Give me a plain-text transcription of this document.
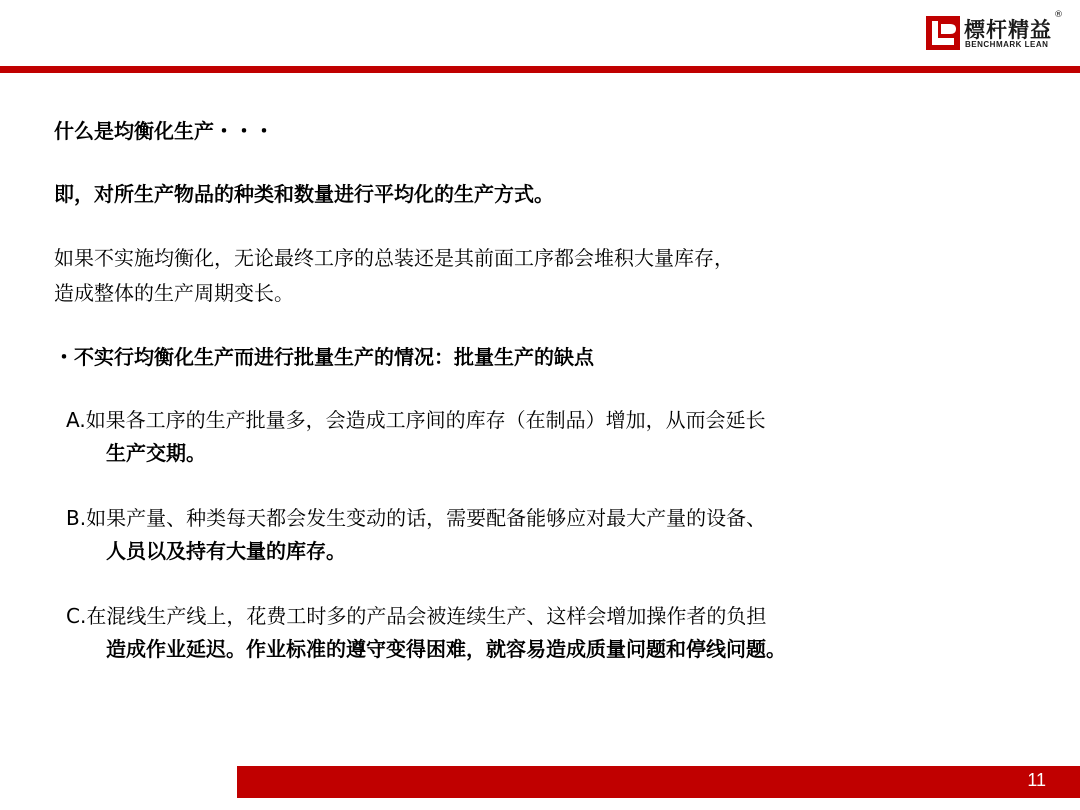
標杆精益
®
BENCHMARK LEAN
什么是均衡化生产・・・
即，对所生产物品的种类和数量进行平均化的生产方式。
如果不实施均衡化，无论最终工序的总装还是其前面工序都会堆积大量库存，
造成整体的生产周期变长。
・不实行均衡化生产而进行批量生产的情况：批量生产的缺点
A.如果各工序的生产批量多，会造成工序间的库存（在制品）增加，从而会延长
生产交期。
B.如果产量、种类每天都会发生变动的话，需要配备能够应对最大产量的设备、
人员以及持有大量的库存。
C.在混线生产线上，花费工时多的产品会被连续生产、这样会增加操作者的负担
造成作业延迟。作业标准的遵守变得困难，就容易造成质量问题和停线问题。
11
